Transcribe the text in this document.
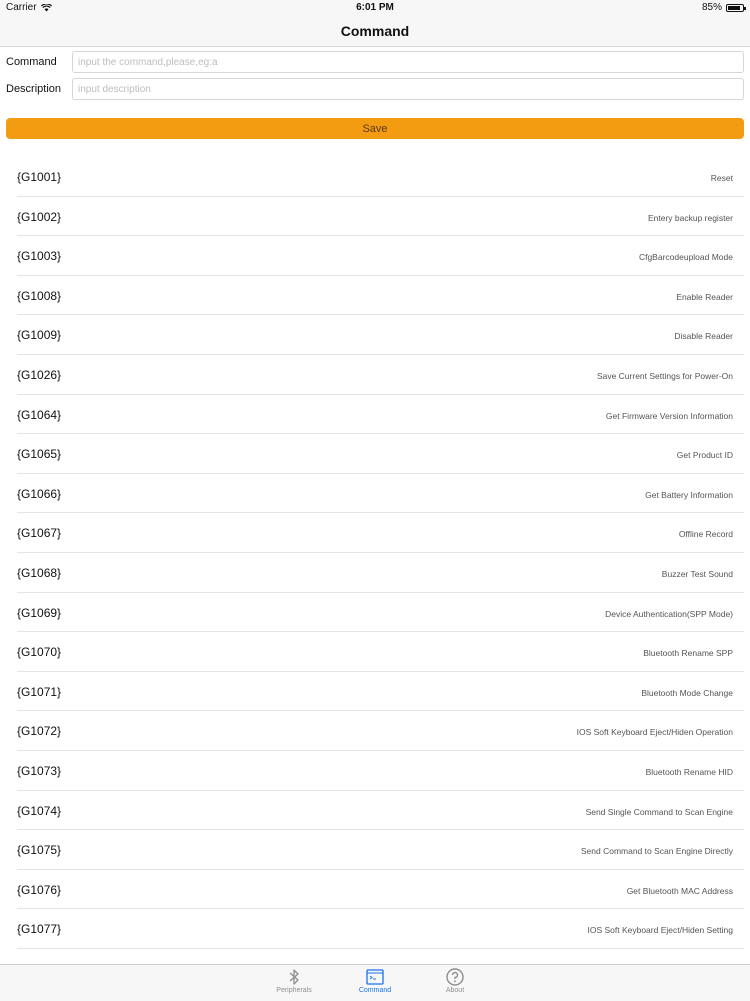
Carrier	6:01 PM	85%
Command
Command
input the command,please,eg:a
Description
input description
Save
{G1001}	Reset
{G1002}	Entery backup register
{G1003}	CfgBarcodeupload Mode
{G1008}	Enable Reader
{G1009}	Disable Reader
{G1026}	Save Current Settings for Power-On
{G1064}	Get Firmware Version Information
{G1065}	Get Product ID
{G1066}	Get Battery Information
{G1067}	Offline Record
{G1068}	Buzzer Test Sound
{G1069}	Device Authentication(SPP Mode)
{G1070}	Bluetooth Rename SPP
{G1071}	Bluetooth Mode Change
{G1072}	IOS Soft Keyboard Eject/Hiden Operation
{G1073}	Bluetooth Rename HID
{G1074}	Send Single Command to Scan Engine
{G1075}	Send Command to Scan Engine Directly
{G1076}	Get Bluetooth MAC Address
{G1077}	IOS Soft Keyboard Eject/Hiden Setting
Peripherals	Command	About
